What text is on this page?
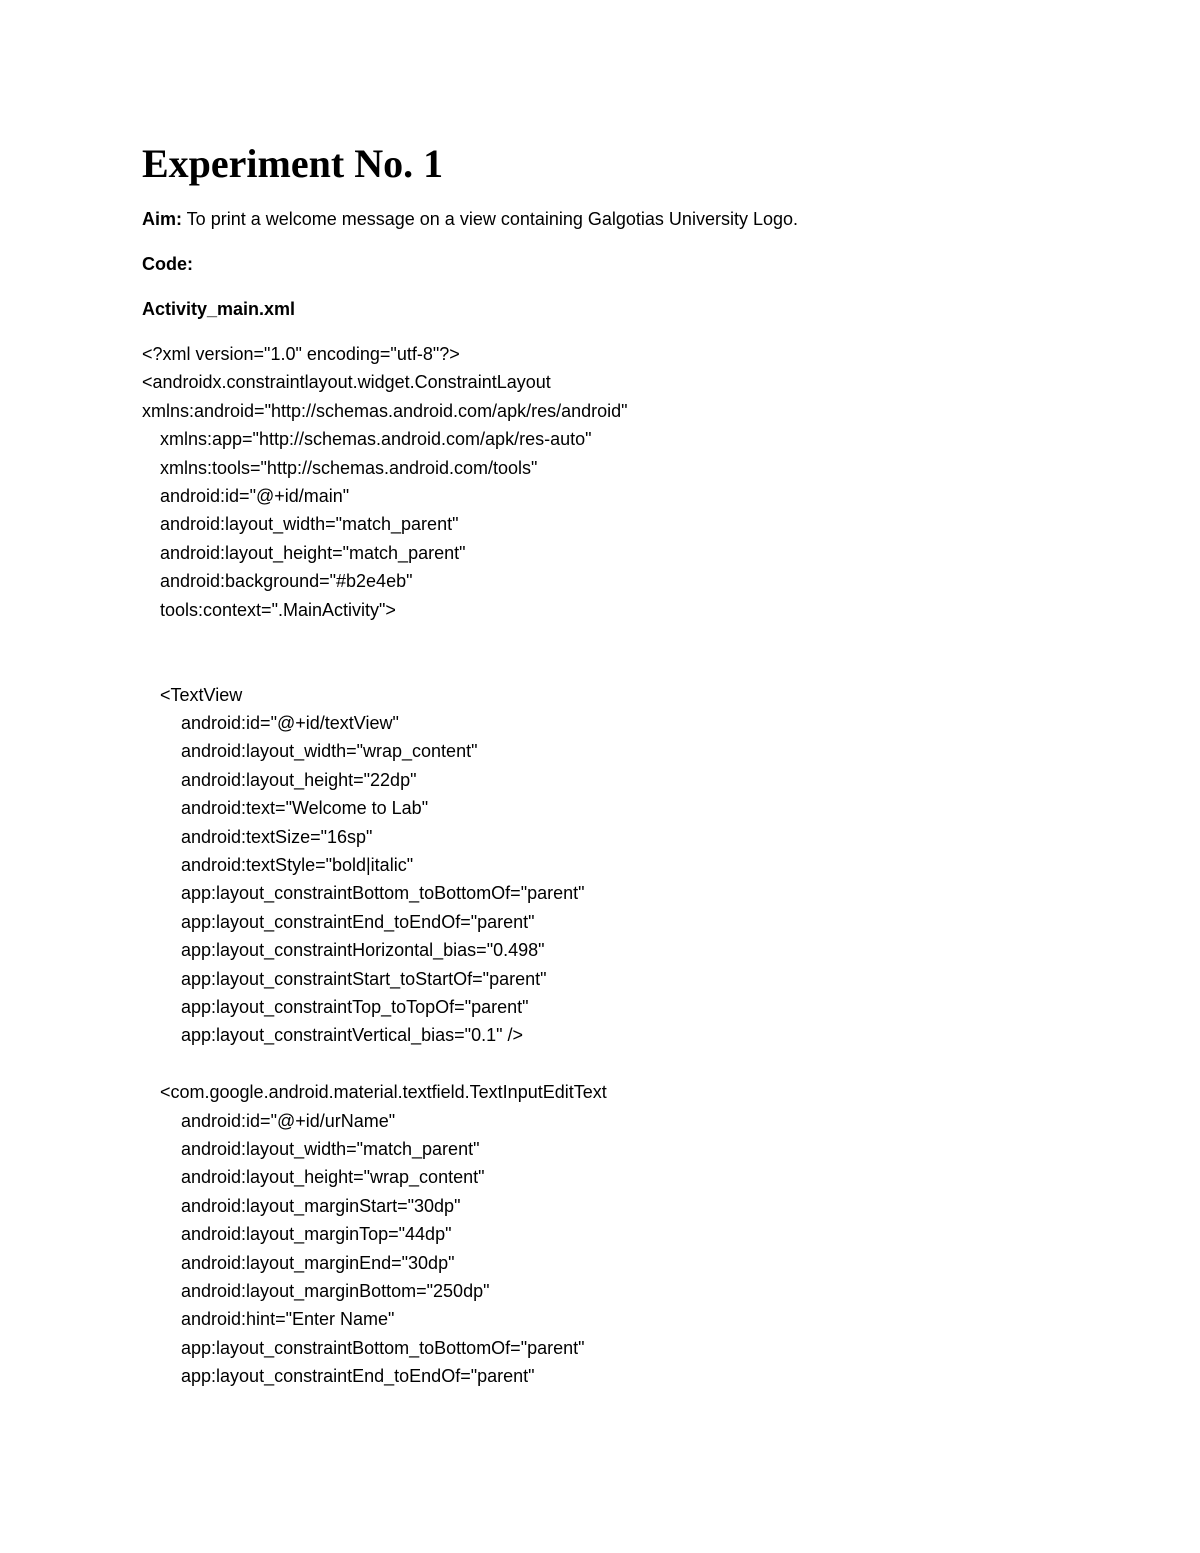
Experiment No. 1

Aim: To print a welcome message on a view containing Galgotias University Logo.

Code:

Activity_main.xml

<?xml version="1.0" encoding="utf-8"?>
<androidx.constraintlayout.widget.ConstraintLayout
xmlns:android="http://schemas.android.com/apk/res/android"
xmlns:app="http://schemas.android.com/apk/res-auto"
xmlns:tools="http://schemas.android.com/tools"
android:id="@+id/main"
android:layout_width="match_parent"
android:layout_height="match_parent"
android:background="#b2e4eb"
tools:context=".MainActivity">
<TextView
android:id="@+id/textView"
android:layout_width="wrap_content"
android:layout_height="22dp"
android:text="Welcome to Lab"
android:textSize="16sp"
android:textStyle="bold|italic"
app:layout_constraintBottom_toBottomOf="parent"
app:layout_constraintEnd_toEndOf="parent"
app:layout_constraintHorizontal_bias="0.498"
app:layout_constraintStart_toStartOf="parent"
app:layout_constraintTop_toTopOf="parent"
app:layout_constraintVertical_bias="0.1" />
<com.google.android.material.textfield.TextInputEditText
android:id="@+id/urName"
android:layout_width="match_parent"
android:layout_height="wrap_content"
android:layout_marginStart="30dp"
android:layout_marginTop="44dp"
android:layout_marginEnd="30dp"
android:layout_marginBottom="250dp"
android:hint="Enter Name"
app:layout_constraintBottom_toBottomOf="parent"
app:layout_constraintEnd_toEndOf="parent"
